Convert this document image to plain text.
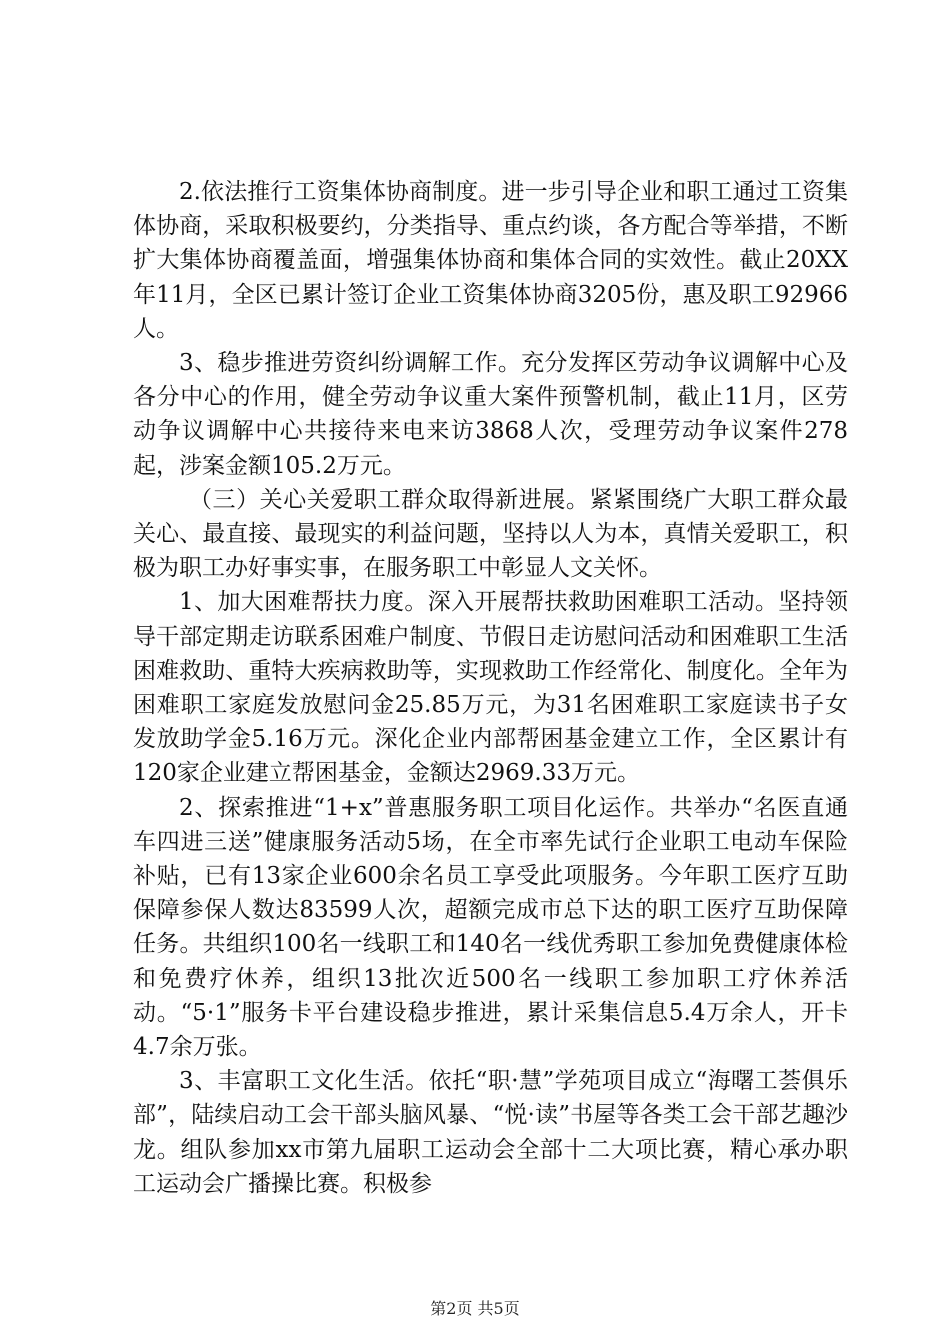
2.依法推行工资集体协商制度。进一步引导企业和职工通过工资集体协商，采取积极要约，分类指导、重点约谈，各方配合等举措，不断扩大集体协商覆盖面，增强集体协商和集体合同的实效性。截止20XX年11月，全区已累计签订企业工资集体协商3205份，惠及职工92966人。

3、稳步推进劳资纠纷调解工作。充分发挥区劳动争议调解中心及各分中心的作用，健全劳动争议重大案件预警机制，截止11月，区劳动争议调解中心共接待来电来访3868人次，受理劳动争议案件278起，涉案金额105.2万元。

（三）关心关爱职工群众取得新进展。紧紧围绕广大职工群众最关心、最直接、最现实的利益问题，坚持以人为本，真情关爱职工，积极为职工办好事实事，在服务职工中彰显人文关怀。

1、加大困难帮扶力度。深入开展帮扶救助困难职工活动。坚持领导干部定期走访联系困难户制度、节假日走访慰问活动和困难职工生活困难救助、重特大疾病救助等，实现救助工作经常化、制度化。全年为困难职工家庭发放慰问金25.85万元，为31名困难职工家庭读书子女发放助学金5.16万元。深化企业内部帮困基金建立工作，全区累计有120家企业建立帮困基金，金额达2969.33万元。

2、探索推进“1+x”普惠服务职工项目化运作。共举办“名医直通车四进三送”健康服务活动5场，在全市率先试行企业职工电动车保险补贴，已有13家企业600余名员工享受此项服务。今年职工医疗互助保障参保人数达83599人次，超额完成市总下达的职工医疗互助保障任务。共组织100名一线职工和140名一线优秀职工参加免费健康体检和免费疗休养，组织13批次近500名一线职工参加职工疗休养活动。“5·1”服务卡平台建设稳步推进，累计采集信息5.4万余人，开卡4.7余万张。

3、丰富职工文化生活。依托“职·慧”学苑项目成立“海曙工荟俱乐部”，陆续启动工会干部头脑风暴、“悦·读”书屋等各类工会干部艺趣沙龙。组队参加xx市第九届职工运动会全部十二大项比赛，精心承办职工运动会广播操比赛。积极参

第2页 共5页
